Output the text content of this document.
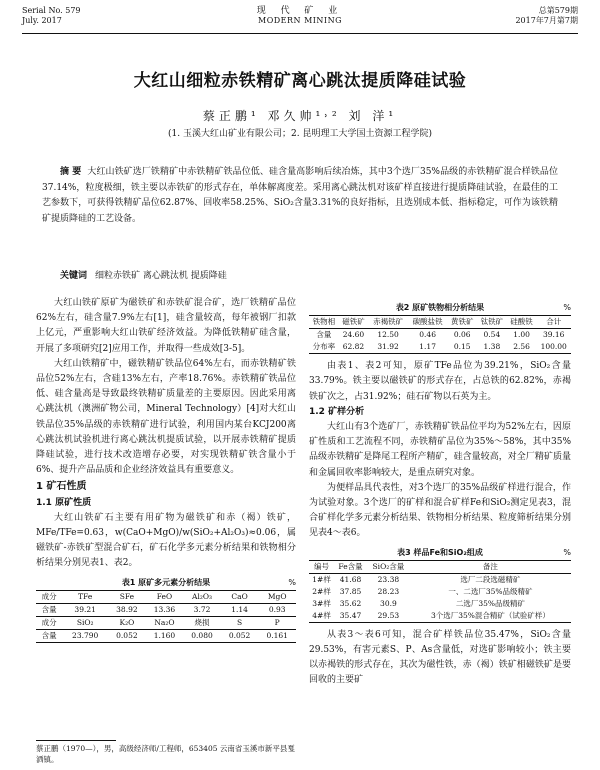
Serial No. 579
July. 2017
现 代 矿 业
MODERN MINING
总第579期
2017年7月第7期
大红山细粒赤铁精矿离心跳汰提质降硅试验
蔡正鹏¹ 邓久帅¹˒² 刘 洋¹
(1. 玉溪大红山矿业有限公司；2. 昆明理工大学国土资源工程学院)
摘 要 大红山铁矿选厂铁精矿中赤铁精矿铁品位低、硅含量高影响后续冶炼，其中3个选厂35%品级的赤铁精矿混合样铁品位37.14%，粒度极细，铁主要以赤铁矿的形式存在，单体解离度差。采用离心跳汰机对该矿样直接进行提质降硅试验，在最佳的工艺参数下，可获得铁精矿品位62.87%、回收率58.25%、SiO₂含量3.31%的良好指标，且选别成本低、指标稳定，可作为该铁精矿提质降硅的工艺设备。
关键词 细粒赤铁矿 离心跳汰机 提质降硅

大红山铁矿原矿为磁铁矿和赤铁矿混合矿，选厂铁精矿品位62%左右，硅含量7.9%左右[1]，硅含量较高，每年被钢厂扣款上亿元，严重影响大红山铁矿经济效益。为降低铁精矿硅含量，开展了多项研究[2]应用工作，并取得一些成效[3-5]。

大红山铁精矿中，磁铁精矿铁品位64%左右，而赤铁精矿铁品位52%左右，含硅13%左右，产率18.76%。赤铁精矿铁品位低、硅含量高是导致最终铁精矿质量差的主要原因。因此采用离心跳汰机（澳洲矿物公司，Mineral Technology）[4]对大红山铁品位35%品级的赤铁精矿进行试验，利用国内某台KCJ200离心跳汰机试验机进行离心跳汰机提质试验，以开展赤铁精矿提质降硅试验，进行技术改造增存必要，对实现铁精矿铁含量小于6%、提升产品品质和企业经济效益具有重要意义。

1 矿石性质
1.1 原矿性质

大红山铁矿石主要有用矿物为磁铁矿和赤（褐）铁矿，MFe/TFe=0.63，w(CaO+MgO)/w(SiO₂+Al₂O₃)≈0.06，属磁铁矿-赤铁矿型混合矿石，矿石化学多元素分析结果和铁物相分析结果分别见表1、表2。

表1 原矿多元素分析结果	%
成分	TFe	SFe	FeO	Al₂O₃	CaO	MgO
含量	39.21	38.92	13.36	3.72	1.14	0.93
成分	SiO₂	K₂O	Na₂O	烧损	S	P
含量	23.790	0.052	1.160	0.080	0.052	0.161
蔡正鹏（1970—），男，高级经济师/工程师，653405 云南省玉溪市新平县戛洒镇。
表2 原矿铁物相分析结果	%
铁物相	磁铁矿	赤褐铁矿	碳酸盐铁	黄铁矿	钛铁矿	硅酸铁	合计
含量	24.60	12.50	0.46	0.06	0.54	1.00	39.16
分布率	62.82	31.92	1.17	0.15	1.38	2.56	100.00

由表1、表2可知，原矿TFe品位为39.21%，SiO₂含量33.79%。铁主要以磁铁矿的形式存在，占总铁的62.82%，赤褐铁矿次之，占31.92%；硅石矿物以石英为主。

1.2 矿样分析

大红山有3个选矿厂，赤铁精矿铁品位平均为52%左右，因原矿性质和工艺流程不同，赤铁精矿品位为35%～58%，其中35%品级赤铁精矿是降尾工程所产精矿，硅含量较高，对全厂精矿质量和金属回收率影响较大，是重点研究对象。

为便样品具代表性，对3个选厂的35%品级矿样进行混合，作为试验对象。3个选厂的矿样和混合矿样Fe和SiO₂测定见表3，混合矿样化学多元素分析结果、铁物相分析结果、粒度筛析结果分别见表4～表6。

表3 样品Fe和SiO₂组成	%
编号	Fe含量	SiO₂含量	备注
1#样	41.68	23.38	选厂二段选磁精矿
2#样	37.85	28.23	一、二选厂35%品级精矿
3#样	35.62	30.9	二选厂35%品级精矿
4#样	35.47	29.53	3个选厂35%混合精矿（试验矿样）

从表3～表6可知，混合矿样铁品位35.47%，SiO₂含量29.53%，有害元素S、P、As含量低，对选矿影响较小；铁主要以赤褐铁的形式存在，其次为磁性铁，赤（褐）铁矿相磁铁矿是要回收的主要矿
